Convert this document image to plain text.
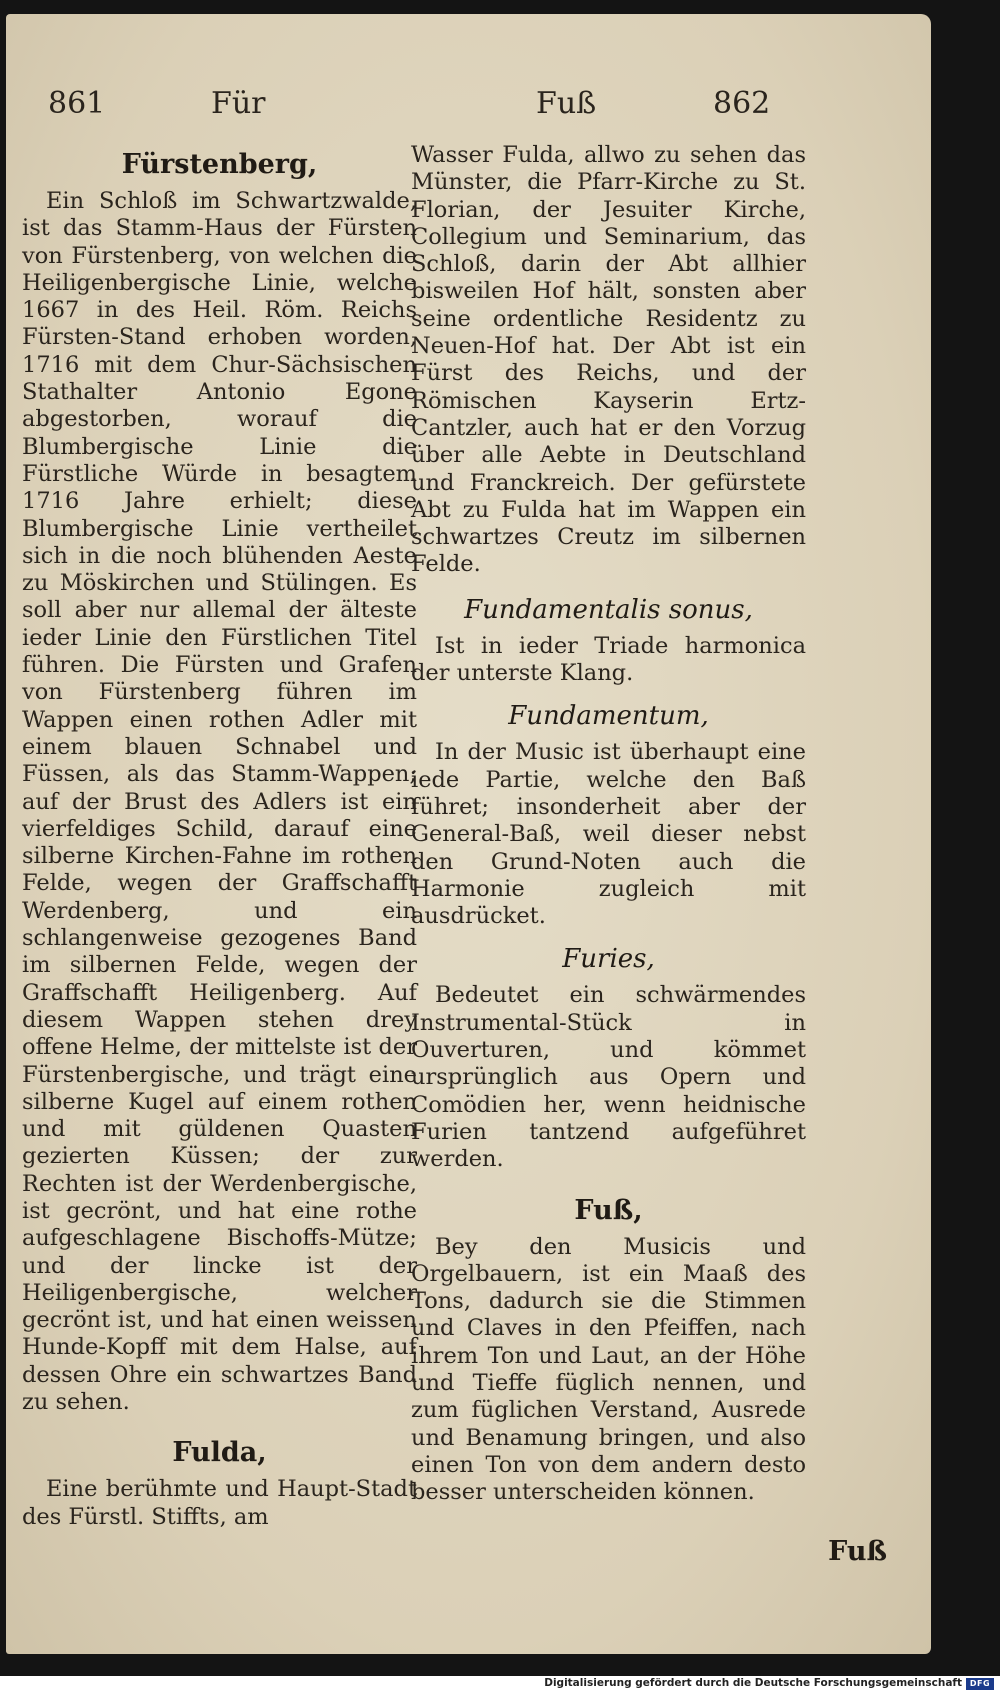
861	Für	Fuß	862
Fürstenberg,

Ein Schloß im Schwartzwalde, ist das Stamm-Haus der Fürsten von Fürstenberg, von welchen die Heiligenbergische Linie, welche 1667 in des Heil. Röm. Reichs Fürsten-Stand erhoben worden, 1716 mit dem Chur-Sächsischen Stathalter Antonio Egone abgestorben, worauf die Blumbergische Linie die Fürstliche Würde in besagtem 1716 Jahre erhielt; diese Blumbergische Linie vertheilet sich in die noch blühenden Aeste zu Möskirchen und Stülingen. Es soll aber nur allemal der älteste ieder Linie den Fürstlichen Titel führen. Die Fürsten und Grafen von Fürstenberg führen im Wappen einen rothen Adler mit einem blauen Schnabel und Füssen, als das Stamm-Wappen; auf der Brust des Adlers ist ein vierfeldiges Schild, darauf eine silberne Kirchen-Fahne im rothen Felde, wegen der Graffschafft Werdenberg, und ein schlangenweise gezogenes Band im silbernen Felde, wegen der Graffschafft Heiligenberg. Auf diesem Wappen stehen drey offene Helme, der mittelste ist der Fürstenbergische, und trägt eine silberne Kugel auf einem rothen und mit güldenen Quasten gezierten Küssen; der zur Rechten ist der Werdenbergische, ist gecrönt, und hat eine rothe aufgeschlagene Bischoffs-Mütze; und der lincke ist der Heiligenbergische, welcher gecrönt ist, und hat einen weissen Hunde-Kopff mit dem Halse, auf dessen Ohre ein schwartzes Band zu sehen.

Fulda,

Eine berühmte und Haupt-Stadt des Fürstl. Stiffts, am

Wasser Fulda, allwo zu sehen das Münster, die Pfarr-Kirche zu St. Florian, der Jesuiter Kirche, Collegium und Seminarium, das Schloß, darin der Abt allhier bisweilen Hof hält, sonsten aber seine ordentliche Residentz zu Neuen-Hof hat. Der Abt ist ein Fürst des Reichs, und der Römischen Kayserin Ertz-Cantzler, auch hat er den Vorzug über alle Aebte in Deutschland und Franckreich. Der gefürstete Abt zu Fulda hat im Wappen ein schwartzes Creutz im silbernen Felde.

Fundamentalis sonus,

Ist in ieder Triade harmonica der unterste Klang.

Fundamentum,

In der Music ist überhaupt eine iede Partie, welche den Baß führet; insonderheit aber der General-Baß, weil dieser nebst den Grund-Noten auch die Harmonie zugleich mit ausdrücket.

Furies,

Bedeutet ein schwärmendes Instrumental-Stück in Ouverturen, und kömmet ursprünglich aus Opern und Comödien her, wenn heidnische Furien tantzend aufgeführet werden.

Fuß,

Bey den Musicis und Orgelbauern, ist ein Maaß des Tons, dadurch sie die Stimmen und Claves in den Pfeiffen, nach ihrem Ton und Laut, an der Höhe und Tieffe füglich nennen, und zum füglichen Verstand, Ausrede und Benamung bringen, und also einen Ton von dem andern desto besser unterscheiden können.

Fuß
Digitalisierung gefördert durch die Deutsche Forschungsgemeinschaft DFG
